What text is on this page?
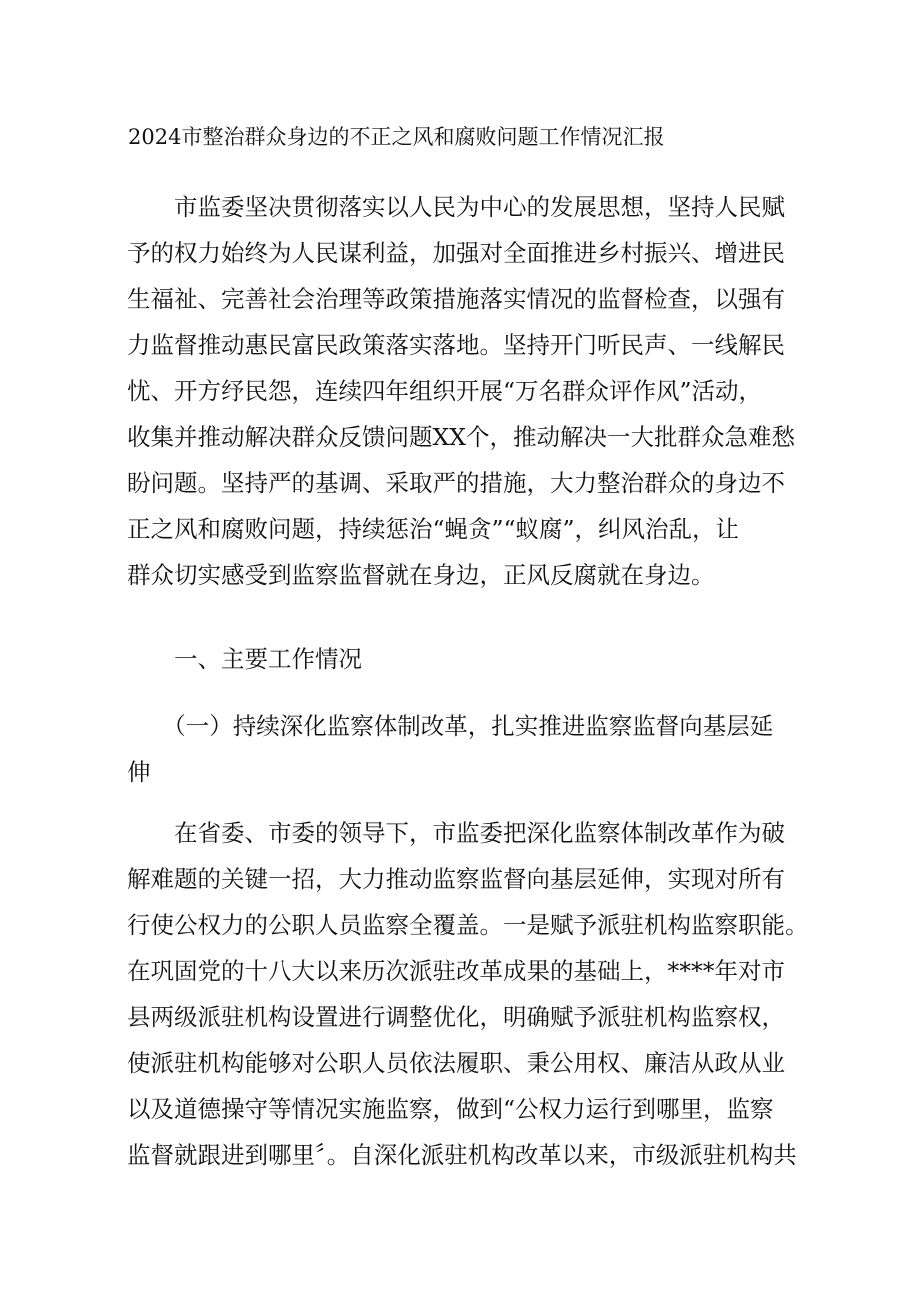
2024市整治群众身边的不正之风和腐败问题工作情况汇报
　　市监委坚决贯彻落实以人民为中心的发展思想，坚持人民赋
予的权力始终为人民谋利益，加强对全面推进乡村振兴、增进民
生福祉、完善社会治理等政策措施落实情况的监督检查，以强有
力监督推动惠民富民政策落实落地。坚持开门听民声、一线解民
忧、开方纾民怨，连续四年组织开展“万名群众评作风”活动，
收集并推动解决群众反馈问题XX个，推动解决一大批群众急难愁
盼问题。坚持严的基调、采取严的措施，大力整治群众的身边不
正之风和腐败问题，持续惩治“蝇贪”“蚁腐”，纠风治乱，让
群众切实感受到监察监督就在身边，正风反腐就在身边。
　　一、主要工作情况
　　（一）持续深化监察体制改革，扎实推进监察监督向基层延
伸
　　在省委、市委的领导下，市监委把深化监察体制改革作为破
解难题的关键一招，大力推动监察监督向基层延伸，实现对所有
行使公权力的公职人员监察全覆盖。一是赋予派驻机构监察职能。
在巩固党的十八大以来历次派驻改革成果的基础上，****年对市
县两级派驻机构设置进行调整优化，明确赋予派驻机构监察权，
使派驻机构能够对公职人员依法履职、秉公用权、廉洁从政从业
以及道德操守等情况实施监察，做到“公权力运行到哪里，监察
监督就跟进到哪里〞。自深化派驻机构改革以来，市级派驻机构共
